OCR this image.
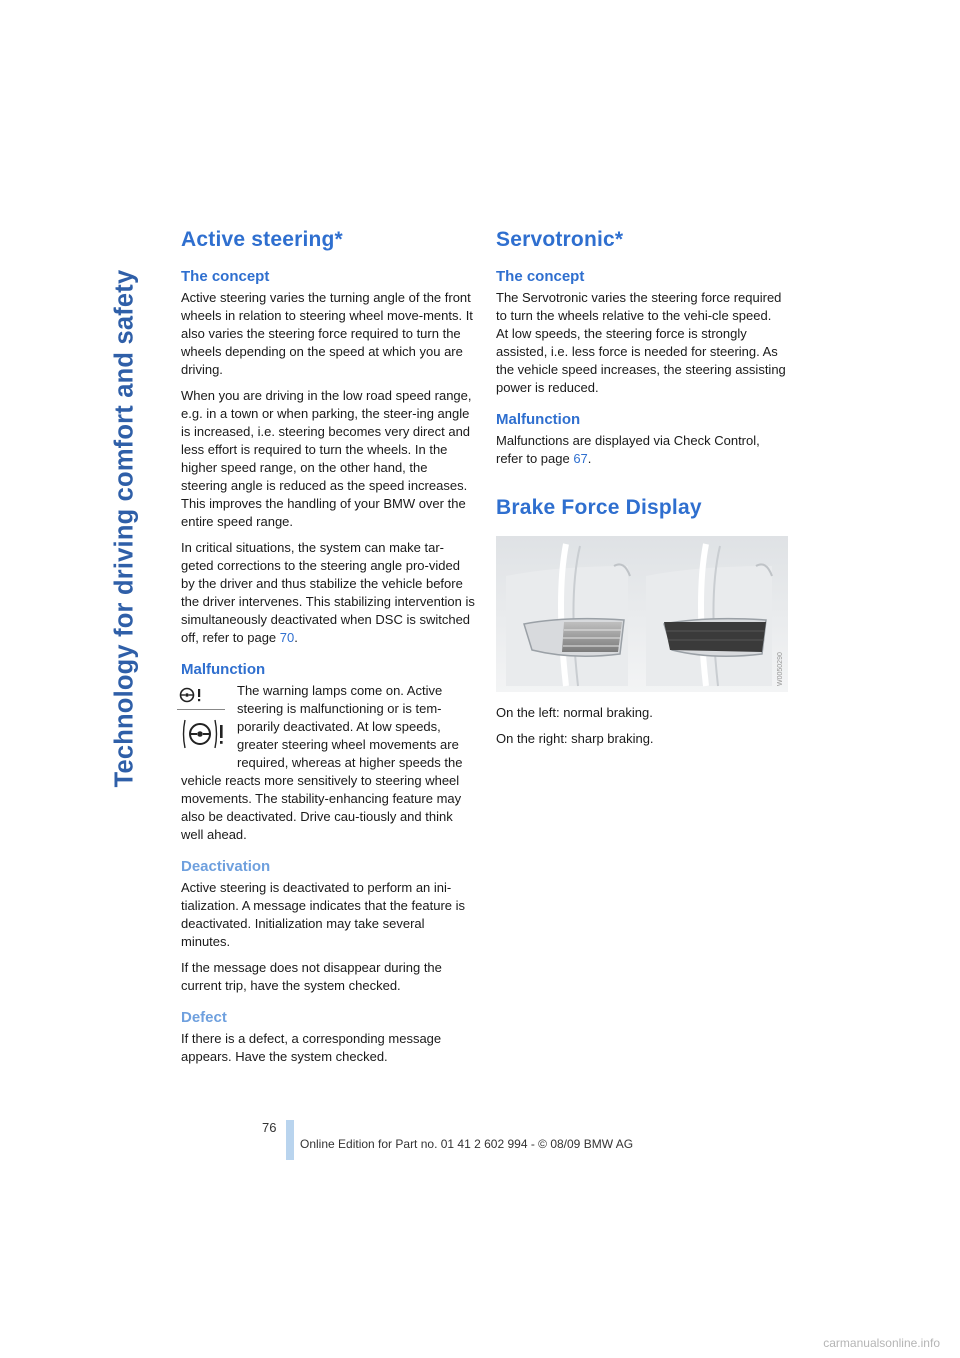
Technology for driving comfort and safety
Active steering*
The concept

Active steering varies the turning angle of the front wheels in relation to steering wheel move-ments. It also varies the steering force required to turn the wheels depending on the speed at which you are driving.

When you are driving in the low road speed range, e.g. in a town or when parking, the steer-ing angle is increased, i.e. steering becomes very direct and less effort is required to turn the wheels. In the higher speed range, on the other hand, the steering angle is reduced as the speed increases. This improves the handling of your BMW over the entire speed range.

In critical situations, the system can make tar-geted corrections to the steering angle pro-vided by the driver and thus stabilize the vehicle before the driver intervenes. This stabilizing intervention is simultaneously deactivated when DSC is switched off, refer to page 70.

Malfunction

The warning lamps come on. Active steering is malfunctioning or is tem-porarily deactivated. At low speeds, greater steering wheel movements are required, whereas at higher speeds the vehicle reacts more sensitively to steering wheel movements. The stability-enhancing feature may also be deactivated. Drive cau-tiously and think well ahead.

Deactivation

Active steering is deactivated to perform an ini-tialization. A message indicates that the feature is deactivated. Initialization may take several minutes.

If the message does not disappear during the current trip, have the system checked.

Defect

If there is a defect, a corresponding message appears. Have the system checked.

Servotronic*
The concept

The Servotronic varies the steering force required to turn the wheels relative to the vehi-cle speed.

At low speeds, the steering force is strongly assisted, i.e. less force is needed for steering. As the vehicle speed increases, the steering assisting power is reduced.

Malfunction

Malfunctions are displayed via Check Control, refer to page 67.

Brake Force Display
W0050290

On the left: normal braking.

On the right: sharp braking.

76
Online Edition for Part no. 01 41 2 602 994 - © 08/09 BMW AG
carmanualsonline.info
